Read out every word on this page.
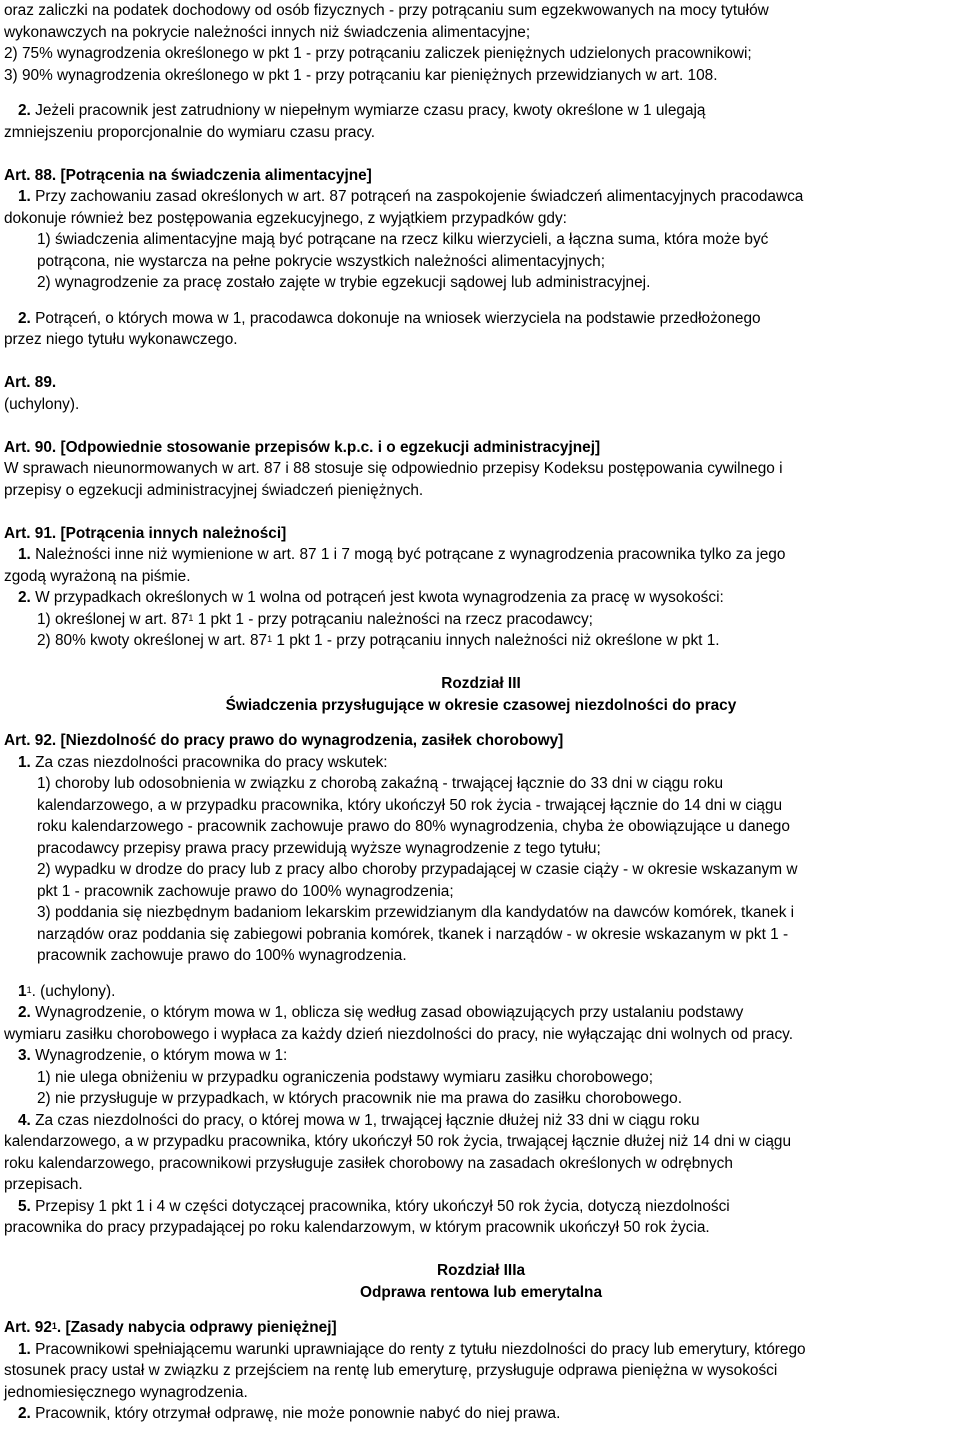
oraz zaliczki na podatek dochodowy od osób fizycznych - przy potrącaniu sum egzekwowanych na mocy tytułów

wykonawczych na pokrycie należności innych niż świadczenia alimentacyjne;

2) 75% wynagrodzenia określonego w pkt 1 - przy potrącaniu zaliczek pieniężnych udzielonych pracownikowi;

3) 90% wynagrodzenia określonego w pkt 1 - przy potrącaniu kar pieniężnych przewidzianych w art. 108.

2. Jeżeli pracownik jest zatrudniony w niepełnym wymiarze czasu pracy, kwoty określone w 1 ulegają

zmniejszeniu proporcjonalnie do wymiaru czasu pracy.

Art. 88. [Potrącenia na świadczenia alimentacyjne]

1. Przy zachowaniu zasad określonych w art. 87 potrąceń na zaspokojenie świadczeń alimentacyjnych pracodawca

dokonuje również bez postępowania egzekucyjnego, z wyjątkiem przypadków gdy:

1) świadczenia alimentacyjne mają być potrącane na rzecz kilku wierzycieli, a łączna suma, która może być

potrącona, nie wystarcza na pełne pokrycie wszystkich należności alimentacyjnych;

2) wynagrodzenie za pracę zostało zajęte w trybie egzekucji sądowej lub administracyjnej.

2. Potrąceń, o których mowa w 1, pracodawca dokonuje na wniosek wierzyciela na podstawie przedłożonego

przez niego tytułu wykonawczego.

Art. 89.

(uchylony).

Art. 90. [Odpowiednie stosowanie przepisów k.p.c. i o egzekucji administracyjnej]

W sprawach nieunormowanych w art. 87 i 88 stosuje się odpowiednio przepisy Kodeksu postępowania cywilnego i

przepisy o egzekucji administracyjnej świadczeń pieniężnych.

Art. 91. [Potrącenia innych należności]

1. Należności inne niż wymienione w art. 87 1 i 7 mogą być potrącane z wynagrodzenia pracownika tylko za jego

zgodą wyrażoną na piśmie.

2. W przypadkach określonych w 1 wolna od potrąceń jest kwota wynagrodzenia za pracę w wysokości:

1) określonej w art. $87^1$ 1 pkt 1 - przy potrącaniu należności na rzecz pracodawcy;

2) 80% kwoty określonej w art. $87^1$ 1 pkt 1 - przy potrącaniu innych należności niż określone w pkt 1.

Rozdział III

Świadczenia przysługujące w okresie czasowej niezdolności do pracy

Art. 92. [Niezdolność do pracy prawo do wynagrodzenia, zasiłek chorobowy]

1. Za czas niezdolności pracownika do pracy wskutek:

1) choroby lub odosobnienia w związku z chorobą zakaźną - trwającej łącznie do 33 dni w ciągu roku

kalendarzowego, a w przypadku pracownika, który ukończył 50 rok życia - trwającej łącznie do 14 dni w ciągu

roku kalendarzowego - pracownik zachowuje prawo do 80% wynagrodzenia, chyba że obowiązujące u danego

pracodawcy przepisy prawa pracy przewidują wyższe wynagrodzenie z tego tytułu;

2) wypadku w drodze do pracy lub z pracy albo choroby przypadającej w czasie ciąży - w okresie wskazanym w

pkt 1 - pracownik zachowuje prawo do 100% wynagrodzenia;

3) poddania się niezbędnym badaniom lekarskim przewidzianym dla kandydatów na dawców komórek, tkanek i

narządów oraz poddania się zabiegowi pobrania komórek, tkanek i narządów - w okresie wskazanym w pkt 1 -

pracownik zachowuje prawo do 100% wynagrodzenia.

$1^1$. (uchylony).

2. Wynagrodzenie, o którym mowa w 1, oblicza się według zasad obowiązujących przy ustalaniu podstawy

wymiaru zasiłku chorobowego i wypłaca za każdy dzień niezdolności do pracy, nie wyłączając dni wolnych od pracy.

3. Wynagrodzenie, o którym mowa w 1:

1) nie ulega obniżeniu w przypadku ograniczenia podstawy wymiaru zasiłku chorobowego;

2) nie przysługuje w przypadkach, w których pracownik nie ma prawa do zasiłku chorobowego.

4. Za czas niezdolności do pracy, o której mowa w 1, trwającej łącznie dłużej niż 33 dni w ciągu roku

kalendarzowego, a w przypadku pracownika, który ukończył 50 rok życia, trwającej łącznie dłużej niż 14 dni w ciągu

roku kalendarzowego, pracownikowi przysługuje zasiłek chorobowy na zasadach określonych w odrębnych

przepisach.

5. Przepisy 1 pkt 1 i 4 w części dotyczącej pracownika, który ukończył 50 rok życia, dotyczą niezdolności

pracownika do pracy przypadającej po roku kalendarzowym, w którym pracownik ukończył 50 rok życia.

Rozdział IIIa

Odprawa rentowa lub emerytalna

Art. $92^1$. [Zasady nabycia odprawy pieniężnej]

1. Pracownikowi spełniającemu warunki uprawniające do renty z tytułu niezdolności do pracy lub emerytury, którego

stosunek pracy ustał w związku z przejściem na rentę lub emeryturę, przysługuje odprawa pieniężna w wysokości

jednomiesięcznego wynagrodzenia.

2. Pracownik, który otrzymał odprawę, nie może ponownie nabyć do niej prawa.
